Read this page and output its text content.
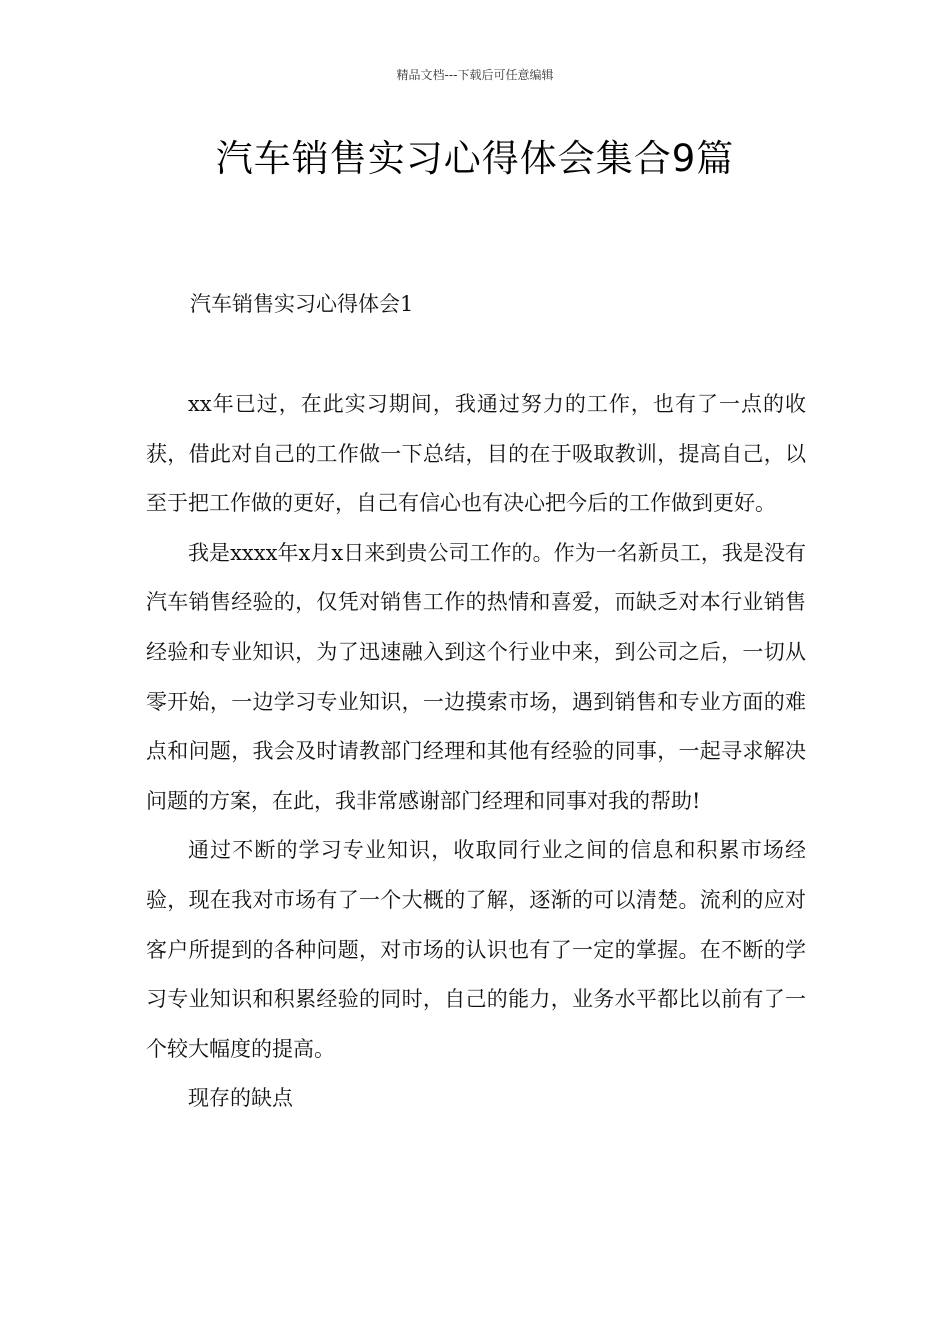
精品文档---下载后可任意编辑
汽车销售实习心得体会集合9篇
汽车销售实习心得体会1

xx年已过，在此实习期间，我通过努力的工作，也有了一点的收获，借此对自己的工作做一下总结，目的在于吸取教训，提高自己，以至于把工作做的更好，自己有信心也有决心把今后的工作做到更好。

我是xxxx年x月x日来到贵公司工作的。作为一名新员工，我是没有汽车销售经验的，仅凭对销售工作的热情和喜爱，而缺乏对本行业销售经验和专业知识，为了迅速融入到这个行业中来，到公司之后，一切从零开始，一边学习专业知识，一边摸索市场，遇到销售和专业方面的难点和问题，我会及时请教部门经理和其他有经验的同事，一起寻求解决问题的方案，在此，我非常感谢部门经理和同事对我的帮助!

通过不断的学习专业知识，收取同行业之间的信息和积累市场经验，现在我对市场有了一个大概的了解，逐渐的可以清楚。流利的应对客户所提到的各种问题，对市场的认识也有了一定的掌握。在不断的学习专业知识和积累经验的同时，自己的能力，业务水平都比以前有了一个较大幅度的提高。

现存的缺点
